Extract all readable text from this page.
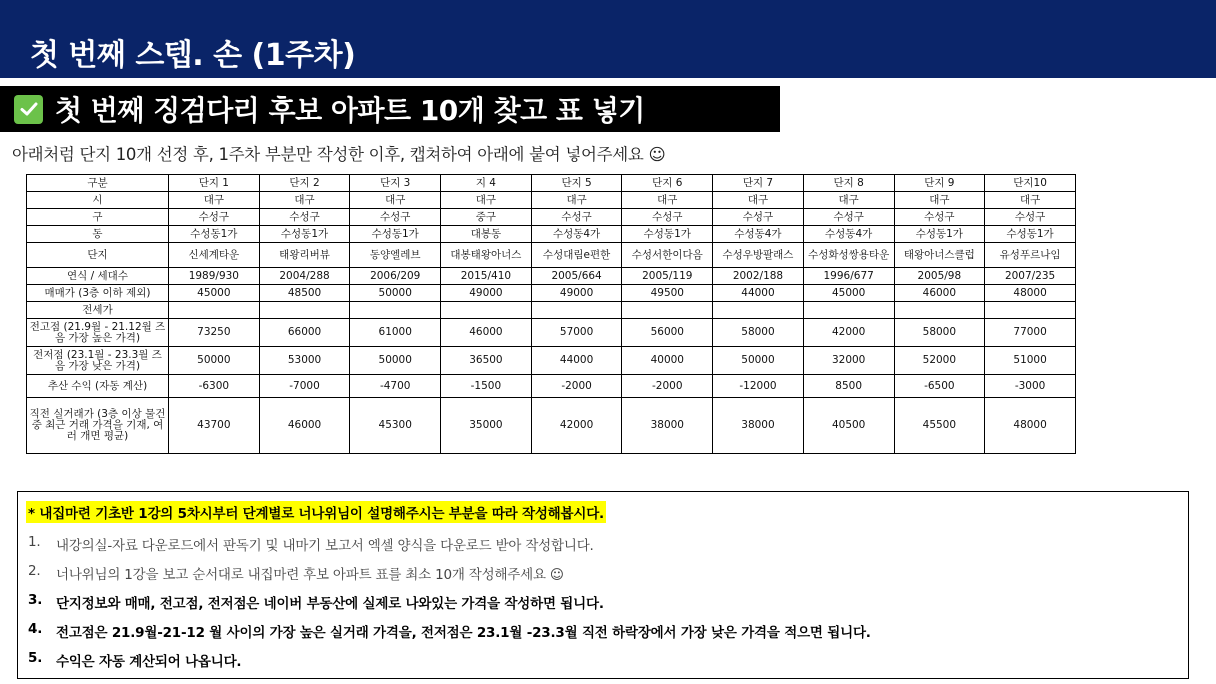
첫 번째 스텝. 손 (1주차)
첫 번째 징검다리 후보 아파트 10개 찾고 표 넣기
아래처럼 단지 10개 선정 후, 1주차 부분만 작성한 이후, 캡쳐하여 아래에 붙여 넣어주세요 ☺
구분	단지 1	단지 2	단지 3	지 4	단지 5	단지 6	단지 7	단지 8	단지 9	단지10
시	대구	대구	대구	대구	대구	대구	대구	대구	대구	대구
구	수성구	수성구	수성구	중구	수성구	수성구	수성구	수성구	수성구	수성구
동	수성동1가	수성동1가	수성동1가	대봉동	수성동4가	수성동1가	수성동4가	수성동4가	수성동1가	수성동1가
단지	신세계타운	태왕리버뷰	동양엘레브	대봉태왕아너스	수성대림e편한	수성서한이다음	수성우방팔래스	수성화성쌍용타운	태왕아너스클럽	유성푸르나임
연식 / 세대수	1989/930	2004/288	2006/209	2015/410	2005/664	2005/119	2002/188	1996/677	2005/98	2007/235
매매가 (3층 이하 제외)	45000	48500	50000	49000	49000	49500	44000	45000	46000	48000
전세가										
전고점 (21.9월 - 21.12월 즈음 가장 높은 가격)	73250	66000	61000	46000	57000	56000	58000	42000	58000	77000
전저점 (23.1월 - 23.3월 즈음 가장 낮은 가격)	50000	53000	50000	36500	44000	40000	50000	32000	52000	51000
추산 수익 (자동 계산)	-6300	-7000	-4700	-1500	-2000	-2000	-12000	8500	-6500	-3000
직전 실거래가 (3층 이상 물건 중 최근 거래 가격을 기재, 여러 개면 평균)	43700	46000	45300	35000	42000	38000	38000	40500	45500	48000
* 내집마련 기초반 1강의 5차시부터 단계별로 너나위님이 설명해주시는 부분을 따라 작성해봅시다.
1.	내강의실-자료 다운로드에서 판독기 및 내마기 보고서 엑셀 양식을 다운로드 받아 작성합니다.
2.	너나위님의 1강을 보고 순서대로 내집마련 후보 아파트 표를 최소 10개 작성해주세요 ☺
3.	단지정보와 매매, 전고점, 전저점은 네이버 부동산에 실제로 나와있는 가격을 작성하면 됩니다.
4.	전고점은 21.9월-21-12 월 사이의 가장 높은 실거래 가격을, 전저점은 23.1월 -23.3월 직전 하락장에서 가장 낮은 가격을 적으면 됩니다.
5.	수익은 자동 계산되어 나옵니다.
